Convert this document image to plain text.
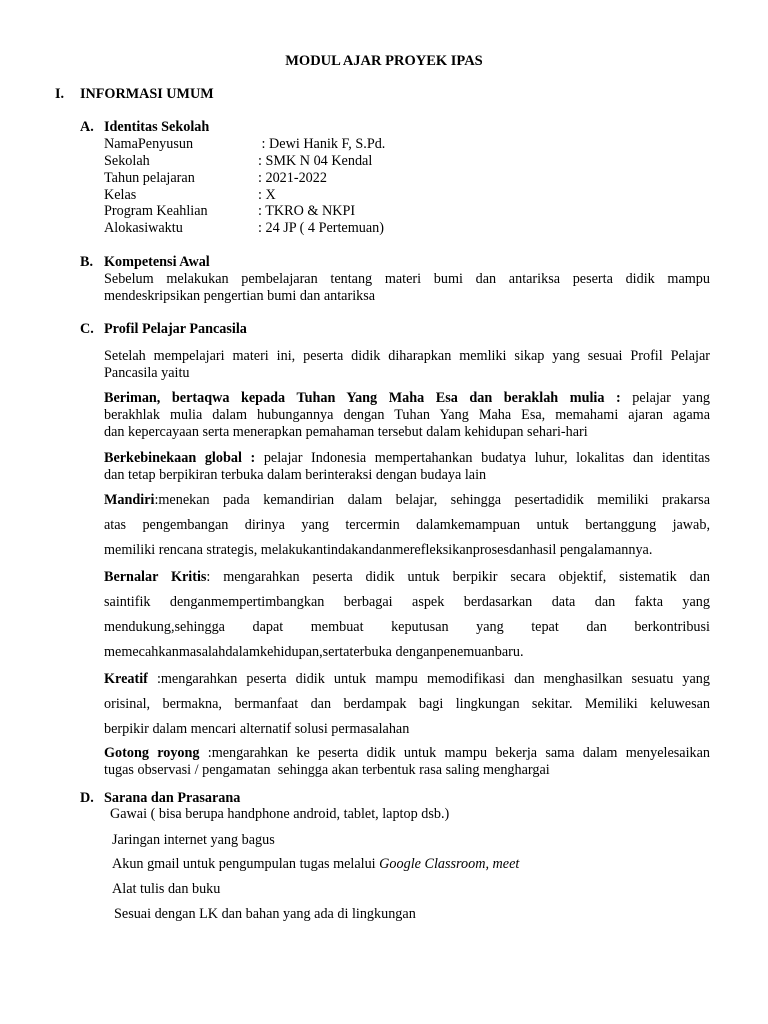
MODUL AJAR PROYEK IPAS
I. INFORMASI UMUM
A. Identitas Sekolah
NamaPenyusun	: Dewi Hanik F, S.Pd.
Sekolah	: SMK N 04 Kendal
Tahun pelajaran	: 2021-2022
Kelas	: X
Program Keahlian	: TKRO & NKPI
Alokasiwaktu	: 24 JP ( 4 Pertemuan)
B. Kompetensi Awal
Sebelum melakukan pembelajaran tentang materi bumi dan antariksa peserta didik mampu
mendeskripsikan pengertian bumi dan antariksa
C. Profil Pelajar Pancasila
Setelah mempelajari materi ini, peserta didik diharapkan memliki sikap yang sesuai Profil Pelajar
Pancasila yaitu
Beriman, bertaqwa kepada Tuhan Yang Maha Esa dan beraklah mulia : pelajar yang
berakhlak mulia dalam hubungannya dengan Tuhan Yang Maha Esa, memahami ajaran agama
dan kepercayaan serta menerapkan pemahaman tersebut dalam kehidupan sehari-hari
Berkebinekaan global : pelajar Indonesia mempertahankan budatya luhur, lokalitas dan identitas
dan tetap berpikiran terbuka dalam berinteraksi dengan budaya lain
Mandiri:menekan pada kemandirian dalam belajar, sehingga pesertadidik memiliki prakarsa
atas pengembangan dirinya yang tercermin dalamkemampuan untuk bertanggung jawab,
memiliki rencana strategis, melakukantindakandanmerefleksikanprosesdanhasil pengalamannya.
Bernalar Kritis: mengarahkan peserta didik untuk berpikir secara objektif, sistematik dan
saintifik denganmempertimbangkan berbagai aspek berdasarkan data dan fakta yang
mendukung,sehingga dapat membuat keputusan yang tepat dan berkontribusi
memecahkanmasalahdalamkehidupan,sertaterbuka denganpenemuanbaru.
Kreatif :mengarahkan peserta didik untuk mampu memodifikasi dan menghasilkan sesuatu yang
orisinal, bermakna, bermanfaat dan berdampak bagi lingkungan sekitar. Memiliki keluwesan
berpikir dalam mencari alternatif solusi permasalahan
Gotong royong :mengarahkan ke peserta didik untuk mampu bekerja sama dalam menyelesaikan
tugas observasi / pengamatan  sehingga akan terbentuk rasa saling menghargai
D. Sarana dan Prasarana
Gawai ( bisa berupa handphone android, tablet, laptop dsb.)
Jaringan internet yang bagus
Akun gmail untuk pengumpulan tugas melalui Google Classroom, meet
Alat tulis dan buku
Sesuai dengan LK dan bahan yang ada di lingkungan
